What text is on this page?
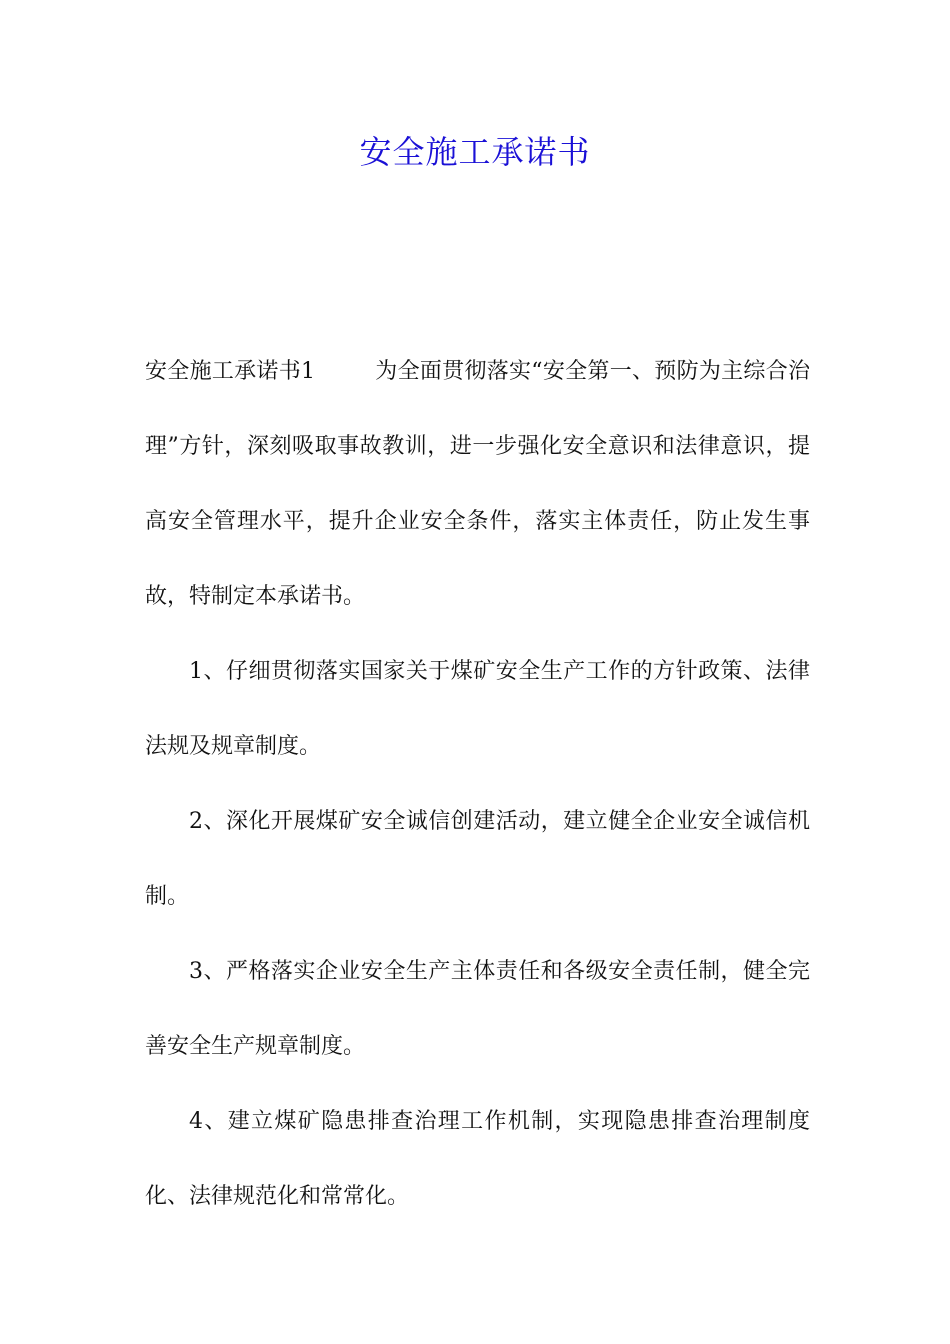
安全施工承诺书

安全施工承诺书1	为全面贯彻落实“安全第一、预防为主综合治理”方针，深刻吸取事故教训，进一步强化安全意识和法律意识，提高安全管理水平，提升企业安全条件，落实主体责任，防止发生事故，特制定本承诺书。

1、仔细贯彻落实国家关于煤矿安全生产工作的方针政策、法律法规及规章制度。

2、深化开展煤矿安全诚信创建活动，建立健全企业安全诚信机制。

3、严格落实企业安全生产主体责任和各级安全责任制，健全完善安全生产规章制度。

4、建立煤矿隐患排查治理工作机制，实现隐患排查治理制度化、法律规范化和常常化。
